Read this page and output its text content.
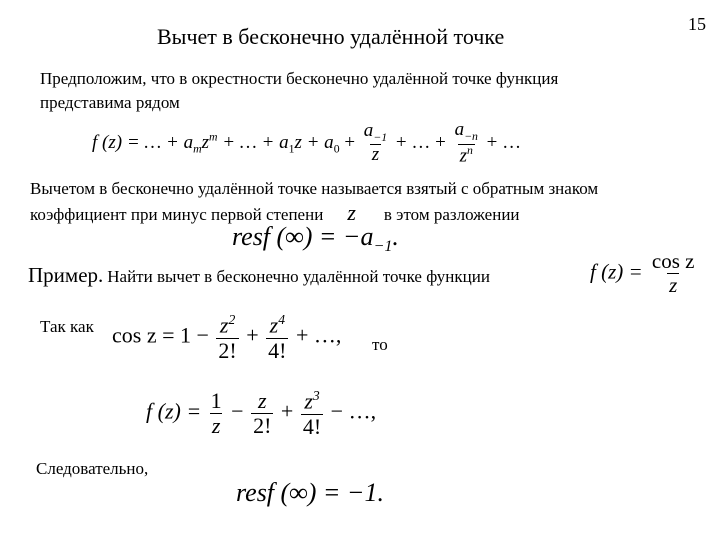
Вычет в бесконечно удалённой точке	15
Предположим, что в окрестности бесконечно удалённой точке функция
представима рядом
f (z) = … + $a_mz^m$ + … + $a_1z + a_0 + \frac{a_{-1}}{z}$ + … + $\frac{a_{-n}}{z^n}$ + …
Вычетом в бесконечно удалённой точке называется взятый с обратным знаком
коэффициент при минус первой степени z в этом разложении
resf (∞) = $-a_{-1}$.
Пример. Найти вычет в бесконечно удалённой точке функции	f $(z) = \frac{\text{cos z}}{z}$
Так как $\cos z = 1 - \frac{z^2}{2!} + \frac{z^4}{4!}$ + …, то
f $(z) = \frac{1}{z} - \frac{z}{2!} + \frac{z^3}{4!}$ − …,
Следовательно,
resf (∞) = −1.
